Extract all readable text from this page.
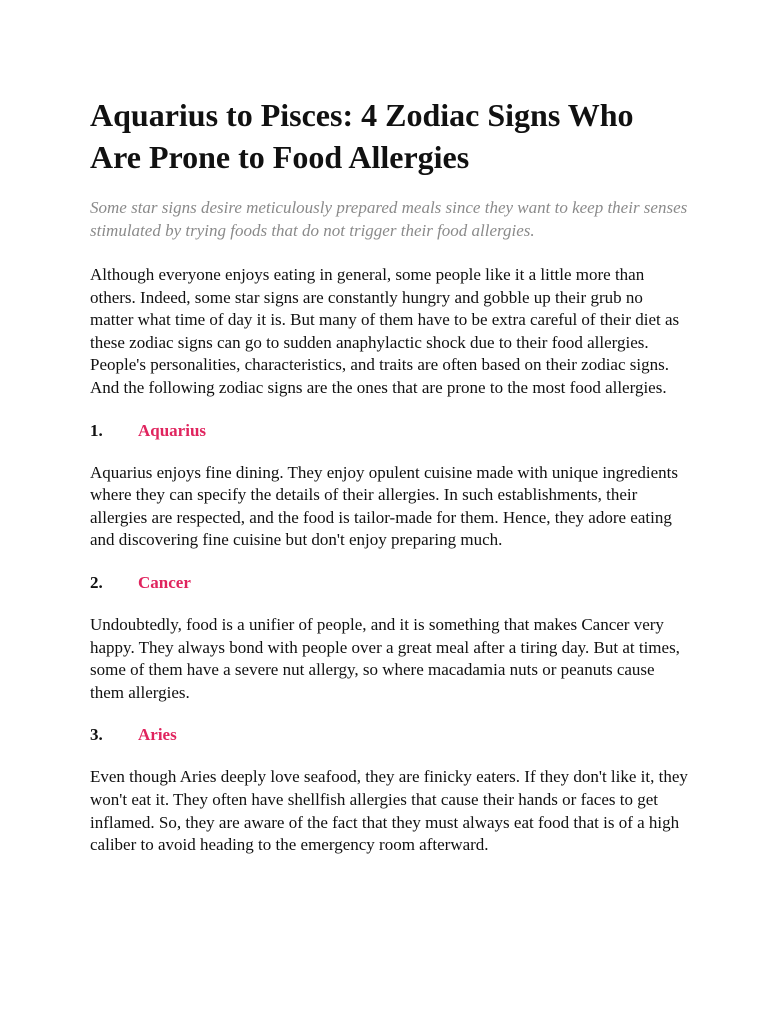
Aquarius to Pisces: 4 Zodiac Signs Who Are Prone to Food Allergies

Some star signs desire meticulously prepared meals since they want to keep their senses stimulated by trying foods that do not trigger their food allergies.

Although everyone enjoys eating in general, some people like it a little more than others. Indeed, some star signs are constantly hungry and gobble up their grub no matter what time of day it is. But many of them have to be extra careful of their diet as these zodiac signs can go to sudden anaphylactic shock due to their food allergies. People's personalities, characteristics, and traits are often based on their zodiac signs. And the following zodiac signs are the ones that are prone to the most food allergies.

1.	Aquarius

Aquarius enjoys fine dining. They enjoy opulent cuisine made with unique ingredients where they can specify the details of their allergies. In such establishments, their allergies are respected, and the food is tailor-made for them. Hence, they adore eating and discovering fine cuisine but don't enjoy preparing much.

2.	Cancer

Undoubtedly, food is a unifier of people, and it is something that makes Cancer very happy. They always bond with people over a great meal after a tiring day. But at times, some of them have a severe nut allergy, so where macadamia nuts or peanuts cause them allergies.

3.	Aries

Even though Aries deeply love seafood, they are finicky eaters. If they don't like it, they won't eat it. They often have shellfish allergies that cause their hands or faces to get inflamed. So, they are aware of the fact that they must always eat food that is of a high caliber to avoid heading to the emergency room afterward.
